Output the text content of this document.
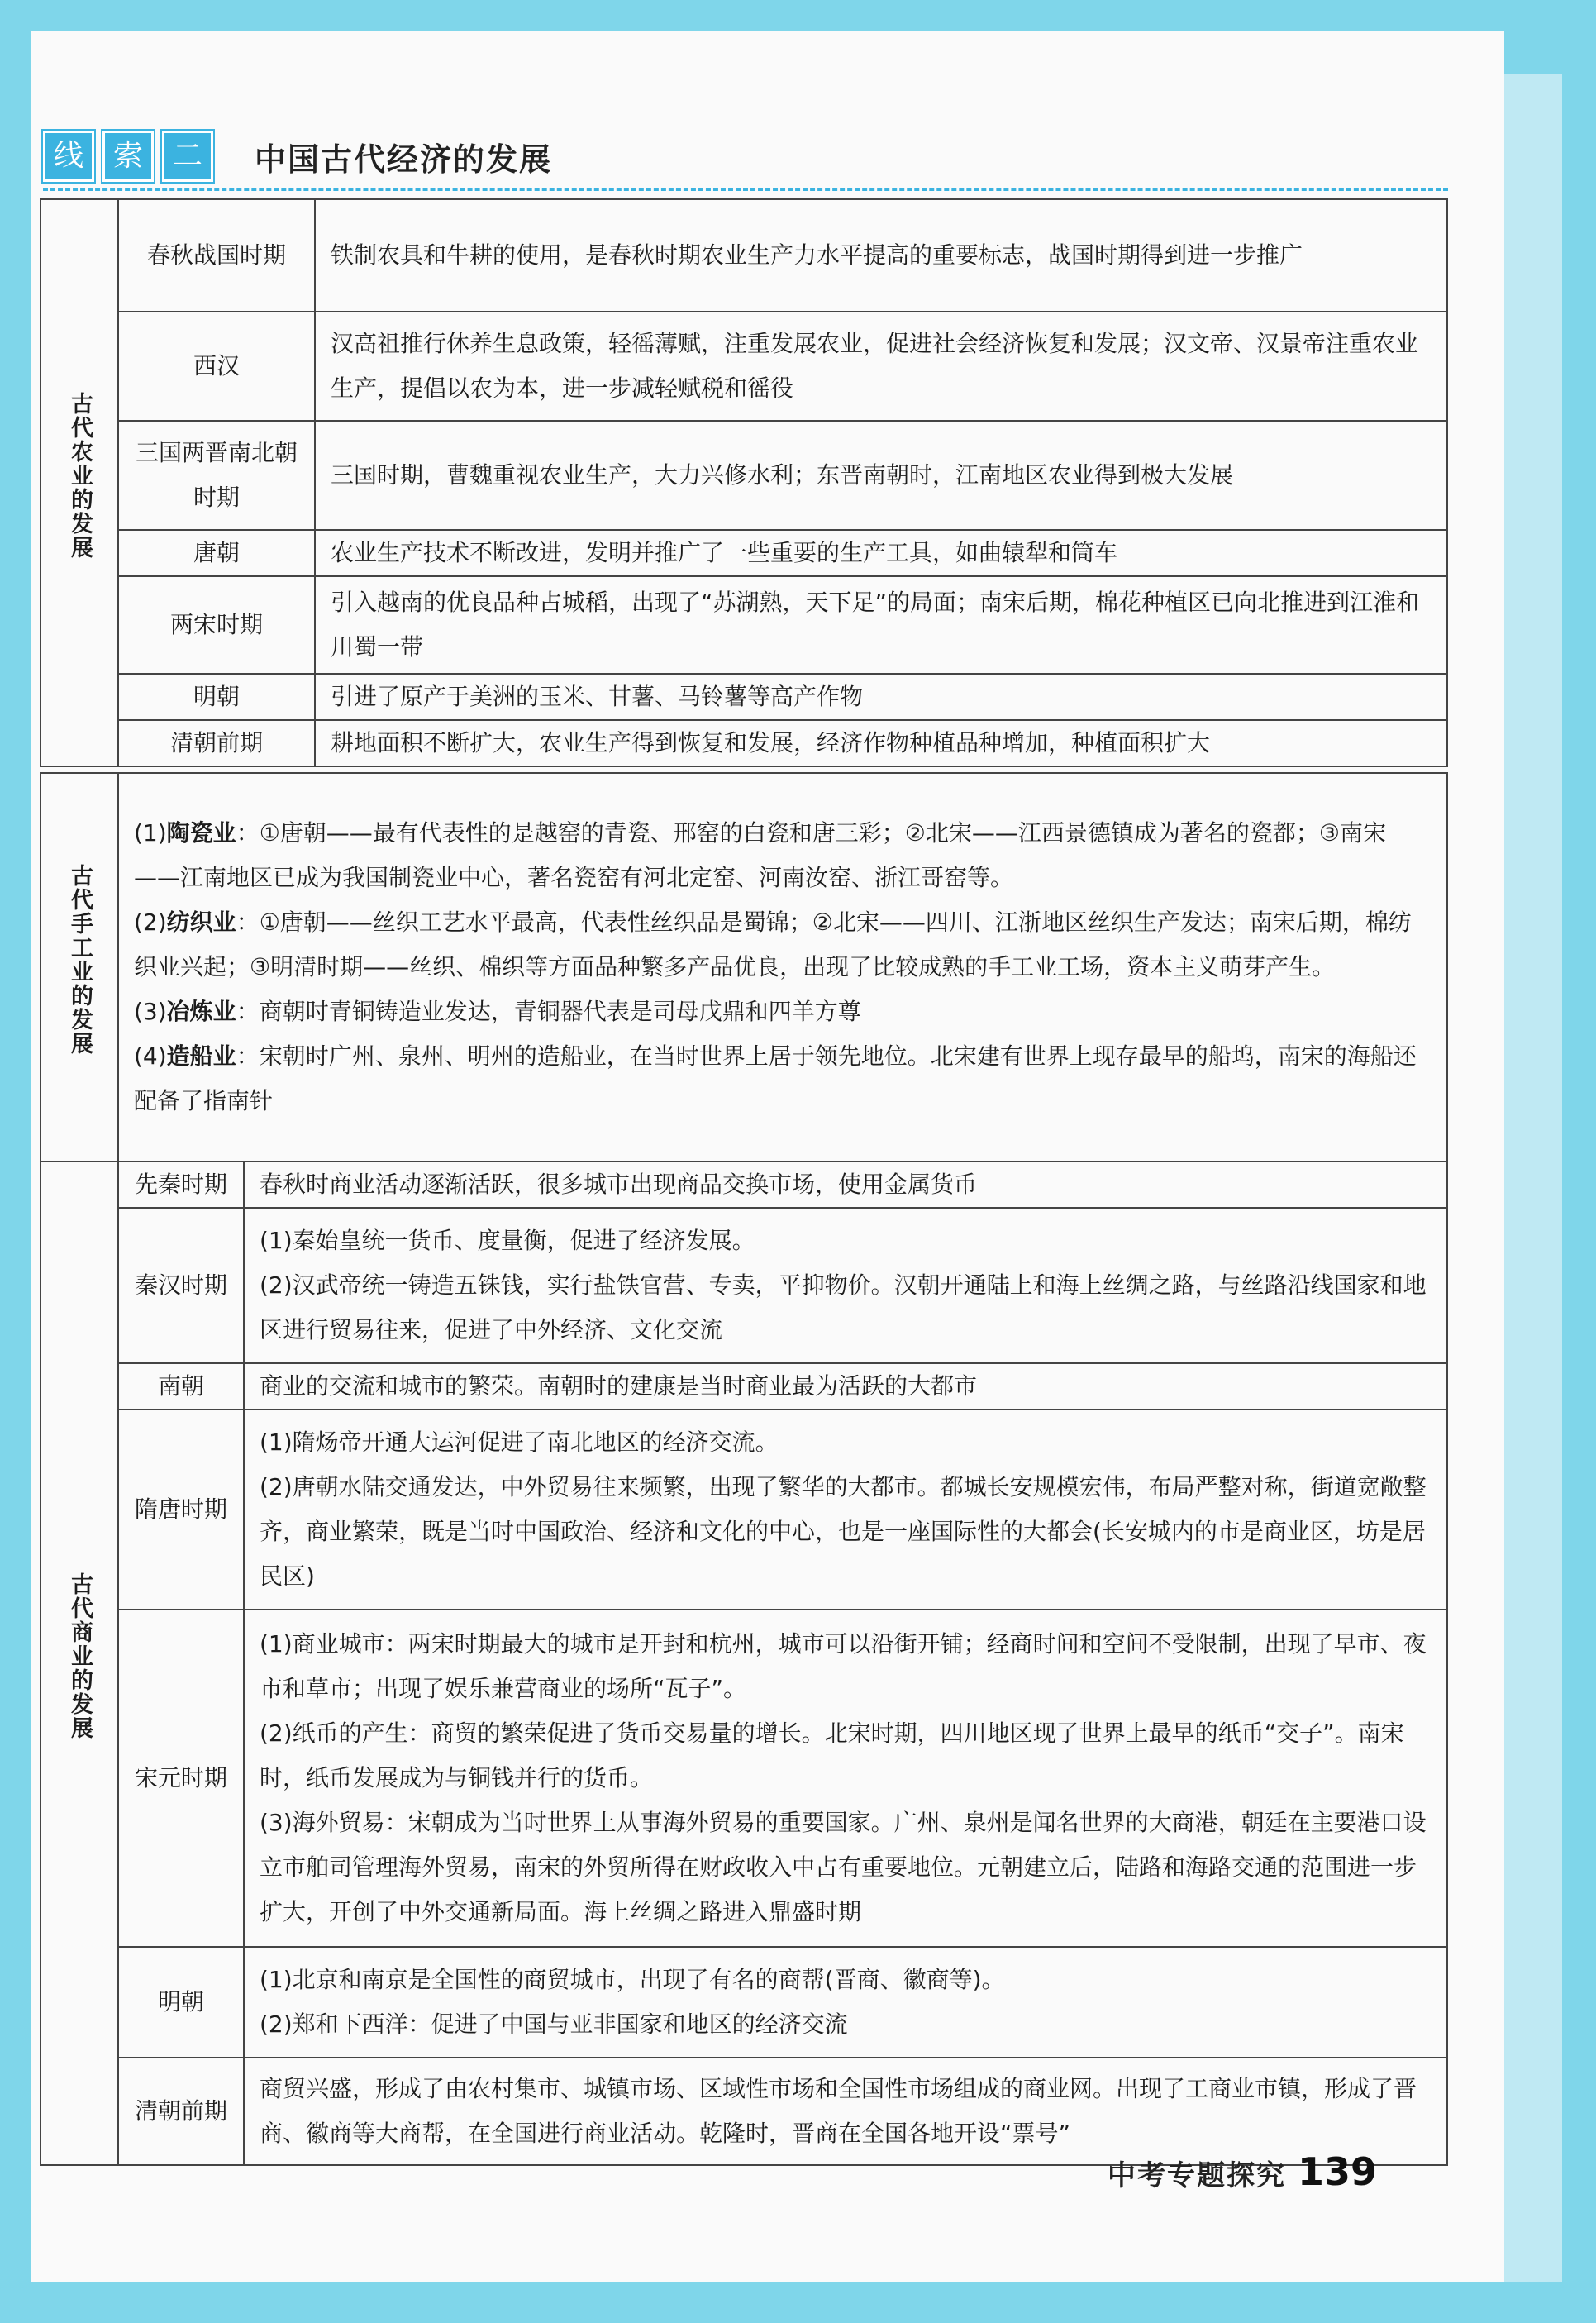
线 索 二	中国古代经济的发展
古代农业的发展	春秋战国时期	铁制农具和牛耕的使用，是春秋时期农业生产力水平提高的重要标志，战国时期得到进一步推广
	西汉	汉高祖推行休养生息政策，轻徭薄赋，注重发展农业，促进社会经济恢复和发展；汉文帝、汉景帝注重农业生产，提倡以农为本，进一步减轻赋税和徭役
	三国两晋南北朝时期	三国时期，曹魏重视农业生产，大力兴修水利；东晋南朝时，江南地区农业得到极大发展
	唐朝	农业生产技术不断改进，发明并推广了一些重要的生产工具，如曲辕犁和筒车
	两宋时期	引入越南的优良品种占城稻，出现了“苏湖熟，天下足”的局面；南宋后期，棉花种植区已向北推进到江淮和川蜀一带
	明朝	引进了原产于美洲的玉米、甘薯、马铃薯等高产作物
	清朝前期	耕地面积不断扩大，农业生产得到恢复和发展，经济作物种植品种增加，种植面积扩大
古代手工业的发展	
(1)陶瓷业：①唐朝——最有代表性的是越窑的青瓷、邢窑的白瓷和唐三彩；②北宋——江西景德镇成为著名的瓷都；③南宋——江南地区已成为我国制瓷业中心，著名瓷窑有河北定窑、河南汝窑、浙江哥窑等。
(2)纺织业：①唐朝——丝织工艺水平最高，代表性丝织品是蜀锦；②北宋——四川、江浙地区丝织生产发达；南宋后期，棉纺织业兴起；③明清时期——丝织、棉织等方面品种繁多产品优良，出现了比较成熟的手工业工场，资本主义萌芽产生。
(3)冶炼业：商朝时青铜铸造业发达，青铜器代表是司母戊鼎和四羊方尊
(4)造船业：宋朝时广州、泉州、明州的造船业，在当时世界上居于领先地位。北宋建有世界上现存最早的船坞，南宋的海船还配备了指南针
古代商业的发展	先秦时期	春秋时商业活动逐渐活跃，很多城市出现商品交换市场，使用金属货币

	秦汉时期	(1)秦始皇统一货币、度量衡，促进了经济发展。
(2)汉武帝统一铸造五铢钱，实行盐铁官营、专卖，平抑物价。汉朝开通陆上和海上丝绸之路，与丝路沿线国家和地区进行贸易往来，促进了中外经济、文化交流

	南朝	商业的交流和城市的繁荣。南朝时的建康是当时商业最为活跃的大都市

	隋唐时期	(1)隋炀帝开通大运河促进了南北地区的经济交流。
(2)唐朝水陆交通发达，中外贸易往来频繁，出现了繁华的大都市。都城长安规模宏伟，布局严整对称，街道宽敞整齐，商业繁荣，既是当时中国政治、经济和文化的中心，也是一座国际性的大都会(长安城内的市是商业区，坊是居民区)

	宋元时期	(1)商业城市：两宋时期最大的城市是开封和杭州，城市可以沿街开铺；经商时间和空间不受限制，出现了早市、夜市和草市；出现了娱乐兼营商业的场所“瓦子”。
(2)纸币的产生：商贸的繁荣促进了货币交易量的增长。北宋时期，四川地区现了世界上最早的纸币“交子”。南宋时，纸币发展成为与铜钱并行的货币。
(3)海外贸易：宋朝成为当时世界上从事海外贸易的重要国家。广州、泉州是闻名世界的大商港，朝廷在主要港口设立市舶司管理海外贸易，南宋的外贸所得在财政收入中占有重要地位。元朝建立后，陆路和海路交通的范围进一步扩大，开创了中外交通新局面。海上丝绸之路进入鼎盛时期

	明朝	(1)北京和南京是全国性的商贸城市，出现了有名的商帮(晋商、徽商等)。
(2)郑和下西洋：促进了中国与亚非国家和地区的经济交流

	清朝前期	商贸兴盛，形成了由农村集市、城镇市场、区域性市场和全国性市场组成的商业网。出现了工商业市镇，形成了晋商、徽商等大商帮，在全国进行商业活动。乾隆时，晋商在全国各地开设“票号”
中考专题探究 139
